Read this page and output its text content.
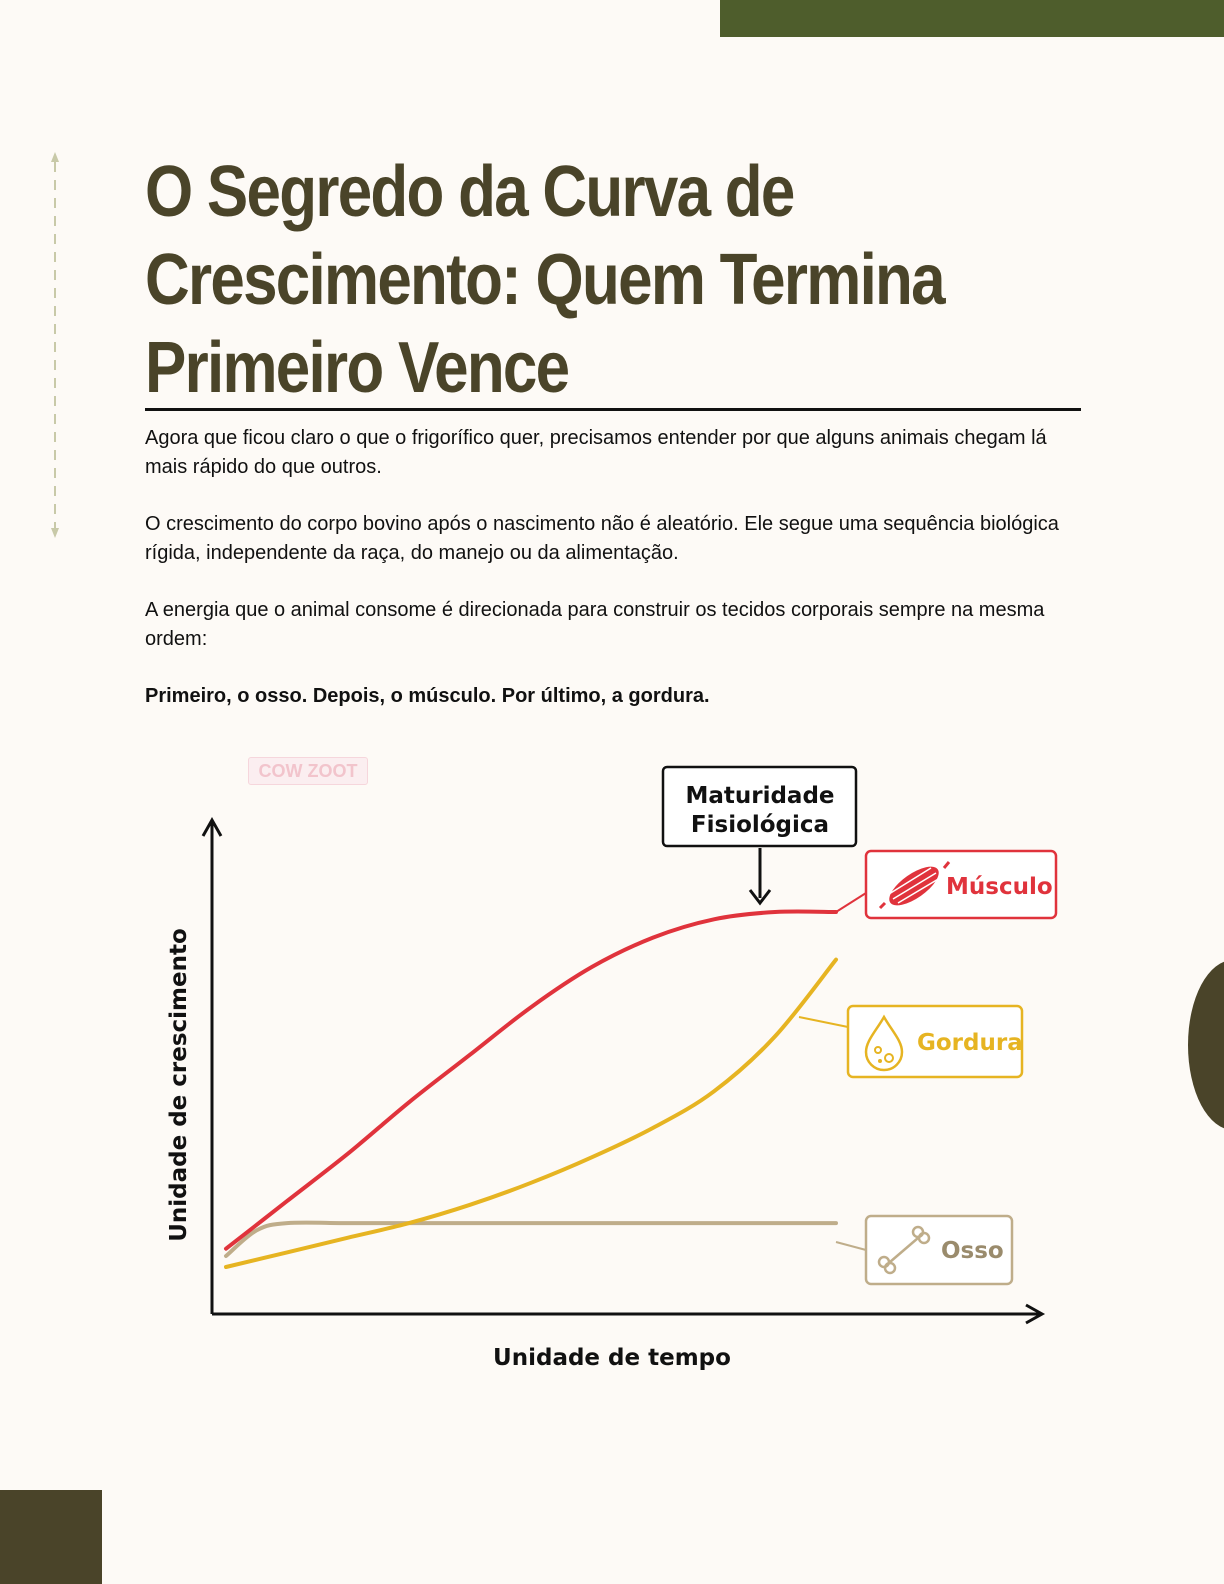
O Segredo da Curva de Crescimento: Quem Termina Primeiro Vence

Agora que ficou claro o que o frigorífico quer, precisamos entender por que alguns animais chegam lá mais rápido do que outros.

O crescimento do corpo bovino após o nascimento não é aleatório. Ele segue uma sequência biológica rígida, independente da raça, do manejo ou da alimentação.

A energia que o animal consome é direcionada para construir os tecidos corporais sempre na mesma ordem:

Primeiro, o osso. Depois, o músculo. Por último, a gordura.

COW ZOOT
Unidade de crescimento
Unidade de tempo
Maturidade
Fisiológica
Músculo
Gordura
Osso
